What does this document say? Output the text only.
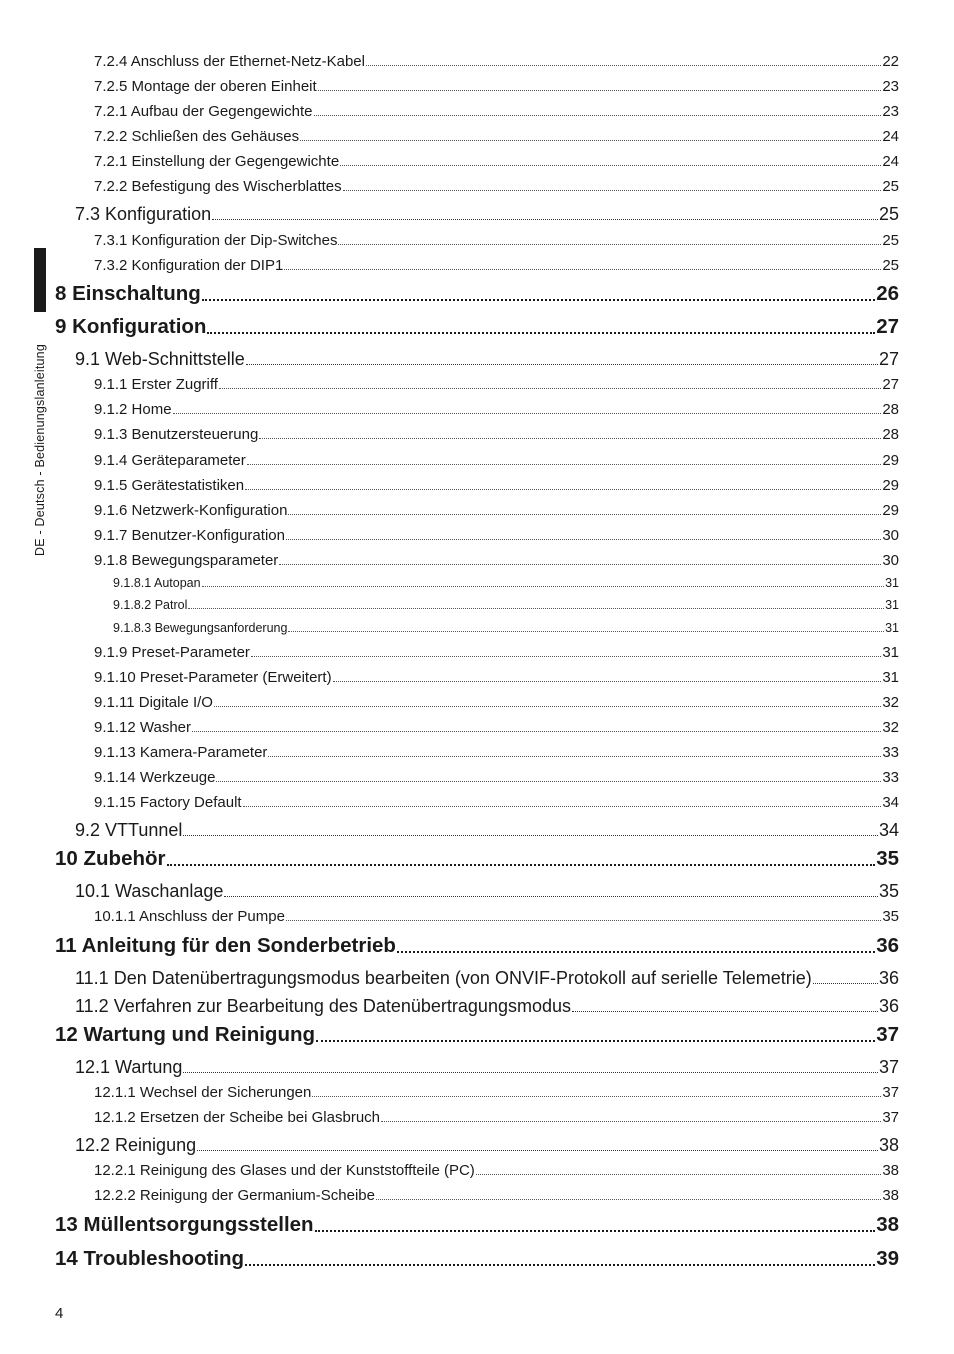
DE - Deutsch - Bedienungslanleitung
7.2.4 Anschluss der Ethernet-Netz-Kabel	22
7.2.5 Montage der oberen Einheit	23
7.2.1 Aufbau der Gegengewichte	23
7.2.2 Schließen des Gehäuses	24
7.2.1 Einstellung der Gegengewichte	24
7.2.2 Befestigung des Wischerblattes	25
7.3 Konfiguration	25
7.3.1 Konfiguration der Dip-Switches	25
7.3.2 Konfiguration der DIP1	25
8 Einschaltung	26
9 Konfiguration	27
9.1 Web-Schnittstelle	27
9.1.1 Erster Zugriff	27
9.1.2 Home	28
9.1.3 Benutzersteuerung	28
9.1.4 Geräteparameter	29
9.1.5 Gerätestatistiken	29
9.1.6 Netzwerk-Konfiguration	29
9.1.7 Benutzer-Konfiguration	30
9.1.8 Bewegungsparameter	30
9.1.8.1 Autopan	31
9.1.8.2 Patrol	31
9.1.8.3 Bewegungsanforderung	31
9.1.9 Preset-Parameter	31
9.1.10 Preset-Parameter (Erweitert)	31
9.1.11 Digitale I/O	32
9.1.12 Washer	32
9.1.13 Kamera-Parameter	33
9.1.14 Werkzeuge	33
9.1.15 Factory Default	34
9.2 VTTunnel	34
10 Zubehör	35
10.1 Waschanlage	35
10.1.1 Anschluss der Pumpe	35
11 Anleitung für den Sonderbetrieb	36
11.1 Den Datenübertragungsmodus bearbeiten (von ONVIF-Protokoll auf serielle Telemetrie)	36
11.2 Verfahren zur Bearbeitung des Datenübertragungsmodus	36
12 Wartung und Reinigung	37
12.1 Wartung	37
12.1.1 Wechsel der Sicherungen	37
12.1.2 Ersetzen der Scheibe bei Glasbruch	37
12.2 Reinigung	38
12.2.1 Reinigung des Glases und der Kunststoffteile (PC)	38
12.2.2 Reinigung der Germanium-Scheibe	38
13 Müllentsorgungsstellen	38
14 Troubleshooting	39
4
